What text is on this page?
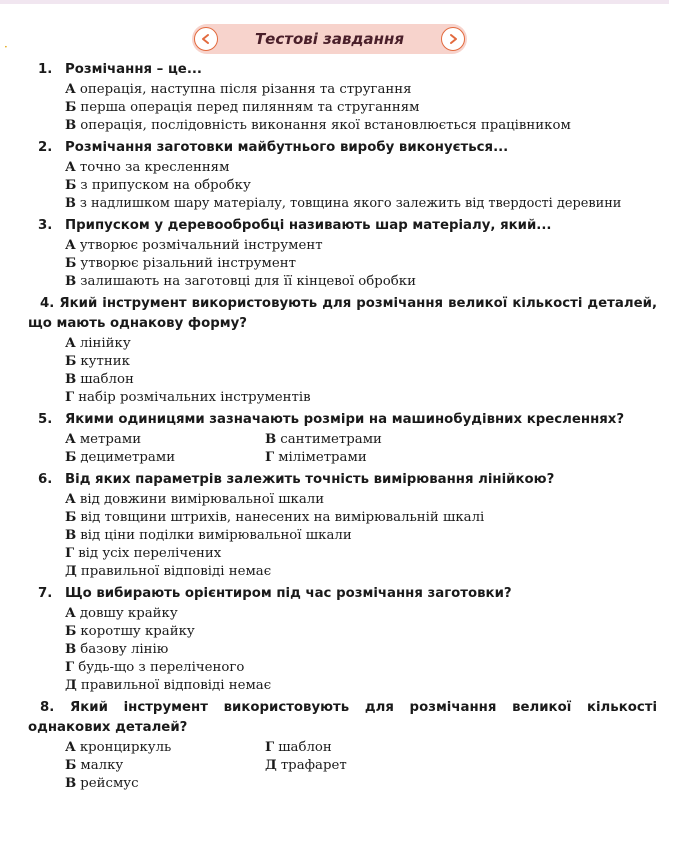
·	Тестові завдання

1. Розмічання – це...

А операція, наступна після різання та стругання
Б перша операція перед пилянням та струганням
В операція, послідовність виконання якої встановлюється працівником

2. Розмічання заготовки майбутнього виробу виконується...

А точно за кресленням
Б з припуском на обробку
В з надлишком шару матеріалу, товщина якого залежить від твердості деревини

3. Припуском у деревообробці називають шар матеріалу, який...

А утворює розмічальний інструмент
Б утворює різальний інструмент
В залишають на заготовці для її кінцевої обробки

4. Який інструмент використовують для розмічання великої кількості деталей, що мають однакову форму?

А лінійку
Б кутник
В шаблон
Г набір розмічальних інструментів

5. Якими одиницями зазначають розміри на машинобудівних кресленнях?

А метрами	В сантиметрами
Б дециметрами	Г міліметрами

6. Від яких параметрів залежить точність вимірювання лінійкою?

А від довжини вимірювальної шкали
Б від товщини штрихів, нанесених на вимірювальній шкалі
В від ціни поділки вимірювальної шкали
Г від усіх перелічених
Д правильної відповіді немає

7. Що вибирають орієнтиром під час розмічання заготовки?

А довшу крайку
Б коротшу крайку
В базову лінію
Г будь-що з переліченого
Д правильної відповіді немає

8. Який інструмент використовують для розмічання великої кількості однакових деталей?

А кронциркуль	Г шаблон
Б малку	Д трафарет
В рейсмус
